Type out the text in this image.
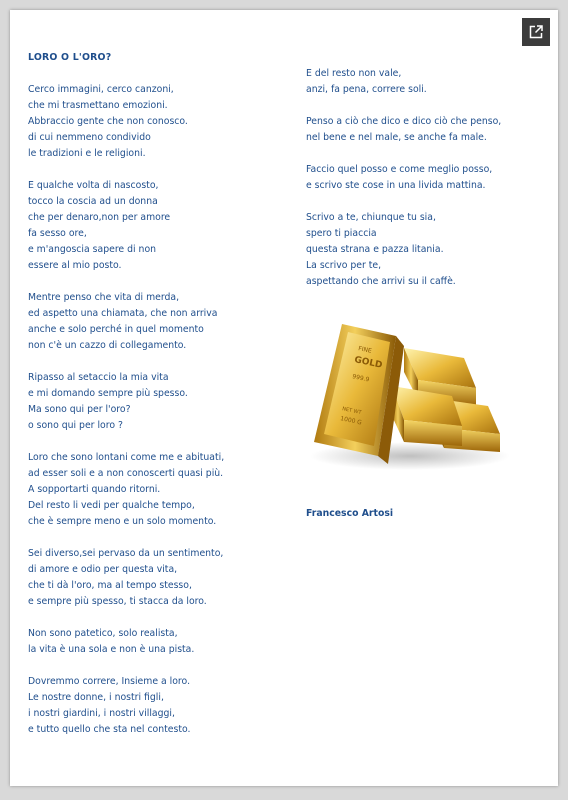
LORO O L'ORO?
Cerco immagini, cerco canzoni,
che mi trasmettano emozioni.
Abbraccio gente che non conosco.
di cui nemmeno condivido
le tradizioni e le religioni.
E qualche volta di nascosto,
tocco la coscia ad un donna
che per denaro,non per amore
fa sesso ore,
e m'angoscia sapere di non
essere al mio posto.
Mentre penso che vita di merda,
ed aspetto una chiamata, che non arriva
anche e solo perché in quel momento
non c'è un cazzo di collegamento.
Ripasso al setaccio la mia vita
e mi domando sempre più spesso.
Ma sono qui per l'oro?
o sono qui per loro ?
Loro che sono lontani come me e abituati,
ad esser soli e a non conoscerti quasi più.
A sopportarti quando ritorni.
Del resto li vedi per qualche tempo,
che è sempre meno e un solo momento.
Sei diverso,sei pervaso da un sentimento,
di amore e odio per questa vita,
che ti dà l'oro, ma al tempo stesso,
e sempre più spesso, ti stacca da loro.
Non sono patetico, solo realista,
la vita è una sola e non è una pista.
Dovremmo correre, Insieme a loro.
Le nostre donne, i nostri figli,
i nostri giardini, i nostri villaggi,
e tutto quello che sta nel contesto.
E del resto non vale,
anzi, fa pena, correre soli.
Penso a ciò che dico e dico ciò che penso,
nel bene e nel male, se anche fa male.
Faccio quel posso e come meglio posso,
e scrivo ste cose in una livida mattina.
Scrivo a te, chiunque tu sia,
spero ti piaccia
questa strana e pazza litania.
La scrivo per te,
aspettando che arrivi su il caffè.
FINE
GOLD
999.9
NET WT
1000 G
Francesco Artosi
